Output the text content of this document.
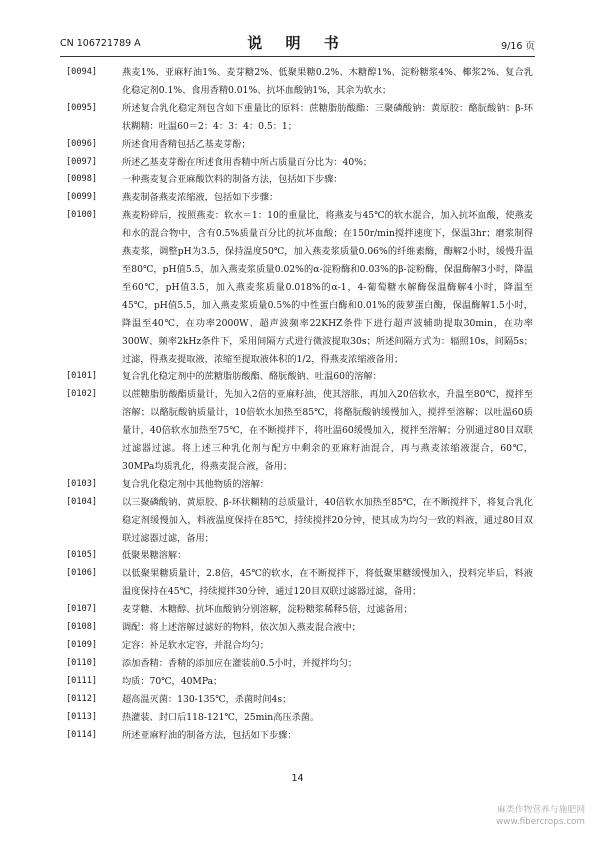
CN 106721789 A	说 明 书	9/16 页
[0094]	燕麦1%、亚麻籽油1%、麦芽糖2%、低聚果糖0.2%、木糖醇1%、淀粉糖浆4%、椰浆2%、复合乳化稳定剂0.1%、食用香精0.01%、抗坏血酸钠1%，其余为软水；
[0095]	所述复合乳化稳定剂包含如下重量比的原料：蔗糖脂肪酸酯：三聚磷酸钠：黄原胶：酪朊酸钠：β-环状糊精：吐温60＝2：4：3：4：0.5：1；
[0096]	所述食用香精包括乙基麦芽酚；
[0097]	所述乙基麦芽酚在所述食用香精中所占质量百分比为：40%；
[0098]	一种燕麦复合亚麻酸饮料的制备方法，包括如下步骤：
[0099]	燕麦制备燕麦浓缩液，包括如下步骤：
[0100]	燕麦粉碎后，按照燕麦：软水＝1：10的重量比，将燕麦与45℃的软水混合，加入抗坏血酸，使燕麦和水的混合物中，含有0.5%质量百分比的抗坏血酸；在150r/min搅拌速度下，保温3hr；磨浆制得燕麦浆，调整pH为3.5，保持温度50℃，加入燕麦浆质量0.06%的纤维素酶，酶解2小时，缓慢升温至80℃，pH值5.5，加入燕麦浆质量0.02%的α-淀粉酶和0.03%的β-淀粉酶，保温酶解3小时，降温至60℃，pH值3.5，加入燕麦浆质量0.018%的α-1，4-葡萄糖水解酶保温酶解4小时，降温至45℃，pH值5.5，加入燕麦浆质量0.5%的中性蛋白酶和0.01%的菠萝蛋白酶，保温酶解1.5小时，降温至40℃，在功率2000W、超声波频率22KHZ条件下进行超声波辅助提取30min，在功率300W、频率2kHz条件下，采用间隔方式进行微波提取30s；所述间隔方式为：辐照10s，间隔5s；过滤，得燕麦提取液，浓缩至提取液体积的1/2，得燕麦浓缩液备用；
[0101]	复合乳化稳定剂中的蔗糖脂肪酸酯、酪朊酸钠、吐温60的溶解：
[0102]	以蔗糖脂肪酸酯质量计，先加入2倍的亚麻籽油，使其溶胀，再加入20倍软水，升温至80℃，搅拌至溶解；以酪朊酸钠质量计，10倍软水加热至85℃，将酪朊酸钠缓慢加入，搅拌至溶解；以吐温60质量计，40倍软水加热至75℃，在不断搅拌下，将吐温60缓慢加入，搅拌至溶解；分别通过80目双联过滤器过滤。将上述三种乳化剂与配方中剩余的亚麻籽油混合，再与燕麦浓缩液混合，60℃，30MPa均质乳化，得燕麦混合液，备用；
[0103]	复合乳化稳定剂中其他物质的溶解：
[0104]	以三聚磷酸钠、黄原胶、β-环状糊精的总质量计，40倍软水加热至85℃，在不断搅拌下，将复合乳化稳定剂缓慢加入，料液温度保持在85℃，持续搅拌20分钟，使其成为均匀一致的料液，通过80目双联过滤器过滤，备用；
[0105]	低聚果糖溶解：
[0106]	以低聚果糖质量计，2.8倍，45℃的软水，在不断搅拌下，将低聚果糖缓慢加入，投料完毕后，料液温度保持在45℃，持续搅拌30分钟，通过120目双联过滤器过滤，备用；
[0107]	麦芽糖、木糖醇、抗坏血酸钠分别溶解，淀粉糖浆稀释5倍，过滤备用；
[0108]	调配：将上述溶解过滤好的物料，依次加入燕麦混合液中；
[0109]	定容：补足软水定容，并混合均匀；
[0110]	添加香精：香精的添加应在灌装前0.5小时，并搅拌均匀；
[0111]	均质：70℃，40MPa；
[0112]	超高温灭菌：130-135℃，杀菌时间4s；
[0113]	热灌装、封口后118-121℃，25min高压杀菌。
[0114]	所述亚麻籽油的制备方法，包括如下步骤：
14
麻类作物营养与施肥网
www.fibercrops.com
